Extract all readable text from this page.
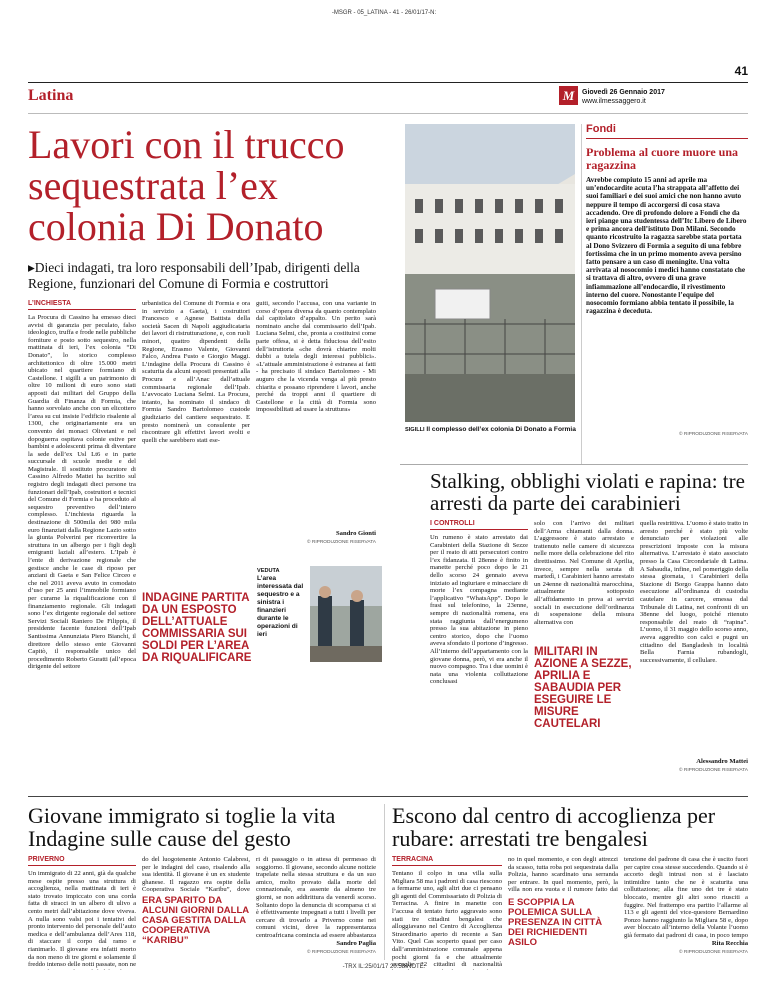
-MSGR - 05_LATINA - 41 - 26/01/17-N:
41
Latina	M	Giovedì 26 Gennaio 2017
www.ilmessaggero.it
Lavori con il trucco sequestrata l’ex colonia Di Donato
▸Dieci indagati, tra loro responsabili dell’Ipab, dirigenti della Regione, funzionari del Comune di Formia e costruttori
L’INCHIESTA
La Procura di Cassino ha emesso dieci avvisi di garanzia per peculato, falso ideologico, truffa e frode nelle pubbliche forniture e posto sotto sequestro, nella mattinata di ieri, l’ex colonia “Di Donato”, lo storico complesso architettonico di oltre 15.000 metri ubicato nel quartiere formiano di Castellone. I sigilli a un patrimonio di oltre 10 milioni di euro sono stati apposti dai militari del Gruppo della Guardia di Finanza di Formia, che hanno sorvolato anche con un elicottero l’area su cui insiste l’edificio risalente al 1300, che originariamente era un convento dei monaci Olivetani e nel dopoguerra ospitava colonie estive per bambini e adolescenti prima di diventare la sede dell’ex Usl Lt6 e in parte succursale di scuole medie e del Magistrale. Il sostituto procuratore di Cassino Alfredo Mattei ha iscritto sul registro degli indagati dieci persone tra funzionari dell’Ipab, costruttori e tecnici del Comune di Formia e ha proceduto al sequestro preventivo dell’intero complesso. L’inchiesta riguarda la destinazione di 500mila dei 980 mila euro finanziati dalla Regione Lazio sotto la giunta Polverini per riconvertire la struttura in un albergo per i figli degli emigranti laziali all’estero. L’Ipab è l’ente di derivazione regionale che gestisce anche le case di riposo per anziani di Gaeta e San Felice Circeo e che nel 2011 aveva avuto in comodato d’uso per 25 anni l’immobile formiano per curarne la riqualificazione con il finanziamento regionale. Gli indagati sono l’ex dirigente regionale del settore Servizi Sociali Raniero De Filippis, il presidente facente funzioni dell’Ipab Santissima Annunziata Piero Bianchi, il direttore dello stesso ente Giovanni Capitò, il responsabile unico del procedimento Roberto Guratti (all’epoca dirigente del settore
urbanistica del Comune di Formia e ora in servizio a Gaeta), i costruttori Francesco e Agnese Battista della società Sacen di Napoli aggiudicataria dei lavori di ristrutturazione, e, con ruoli minori, quattro dipendenti della Regione, Erasmo Valente, Giovanni Falco, Andrea Fusto e Giorgio Maggi. L’indagine della Procura di Cassino è scaturita da alcuni esposti presentati alla Procura e all’Anac dall’attuale commissaria regionale dell’Ipab. L’avvocato Luciana Selmi. La Procura, intanto, ha nominato il sindaco di Formia Sandro Bartolomeo custode giudiziario del cantiere sequestrato. E presto nominerà un consulente per riscontrare gli effettivi lavori svolti e quelli che sarebbero stati ese-
guiti, secondo l’accusa, con una variante in corso d’opera diversa da quanto contemplato dal capitolato d’appalto. Un perito sarà nominato anche dal commissario dell’Ipab. Luciana Selmi, che, pronta a costituirsi come parte offesa, si è detta fiduciosa dell’esito dell’istruttoria «che dovrà chiarire molti dubbi a tutela degli interessi pubblici». «L’attuale amministrazione è estranea ai fatti - ha precisato il sindaco Bartolomeo - Mi auguro che la vicenda venga al più presto chiarita e possano riprendere i lavori, anche perché da troppi anni il quartiere di Castellone e la città di Formia sono impossibilitati ad usare la struttura»
Sandro Gionti
© RIPRODUZIONE RISERVATA
SIGILLI Il complesso dell’ex colonia Di Donato a Formia
INDAGINE PARTITA DA UN ESPOSTO DELL’ATTUALE COMMISSARIA SUI SOLDI PER L’AREA DA RIQUALIFICARE
VEDUTA
L’area interessata dal sequestro e a sinistra i finanzieri durante le operazioni di ieri
Fondi
Problema al cuore muore una ragazzina
Avrebbe compiuto 15 anni ad aprile ma un’endocardite acuta l’ha strappata all’affetto dei suoi familiari e dei suoi amici che non hanno avuto neppure il tempo di accorgersi di cosa stava accadendo. Ore di profondo dolore a Fondi che da ieri piange una studentessa dell’Itc Libero de Libero e prima ancora dell’istituto Don Milani. Secondo quanto ricostruito la ragazza sarebbe stata portata al Dono Svizzero di Formia a seguito di una febbre fortissima che in un primo momento aveva persino fatto pensare a un caso di meningite. Una volta arrivata al nosocomio i medici hanno constatato che si trattava di altro, ovvero di una grave infiammazione all’endocardio, il rivestimento interno del cuore. Nonostante l’equipe del nosocomio formiano abbia tentato il possibile, la ragazzina è deceduta.
© RIPRODUZIONE RISERVATA
Stalking, obblighi violati e rapina: tre arresti da parte dei carabinieri
I CONTROLLI
Un rumeno è stato arrestato dai Carabinieri della Stazione di Sezze per il reato di atti persecutori contro l’ex fidanzata. Il 28enne è finito in manette perché poco dopo le 21 dello scorso 24 gennaio aveva iniziato ad ingiuriare e minacciare di morte l’ex compagna mediante l’applicativo “WhatsApp”. Dopo le frasi sul telefonino, la 23enne, sempre di nazionalità romena, era stata raggiunta dall’energumeno presso la sua abitazione in pieno centro storico, dopo che l’uomo aveva sfondato il portone d’ingresso. All’interno dell’appartamento con la giovane donna, però, vi era anche il nuovo compagno. Tra i due uomini è nata una violenta colluttazione conclusasi
solo con l’arrivo dei militari dell’Arma chiamanti dalla donna. L’aggressore è stato arrestato e trattenuto nelle camere di sicurezza nelle more della celebrazione del rito direttissimo. Nel Comune di Aprilia, invece, sempre nella serata di martedì, i Carabinieri hanno arrestato un 24enne di nazionalità marocchina, attualmente sottoposto all’affidamento in prova ai servizi sociali in esecuzione dell’ordinanza di sospensione della misura alternativa con
MILITARI IN AZIONE A SEZZE, APRILIA E SABAUDIA PER ESEGUIRE LE MISURE CAUTELARI
quella restrittiva. L’uomo è stato tratto in arresto perché è stato più volte denunciato per violazioni alle prescrizioni imposte con la misura alternativa. L’arrestato è stato associato presso la Casa Circondariale di Latina. A Sabaudia, infine, nel pomeriggio della stessa giornata, i Carabinieri della Stazione di Borgo Grappa hanno dato esecuzione all’ordinanza di custodia cautelare in carcere, emessa dal Tribunale di Latina, nei confronti di un 38enne del luogo, poiché ritenuto responsabile del reato di “rapina”. L’uomo, il 31 maggio dello scorso anno, aveva aggredito con calci e pugni un cittadino del Bangladesh in località Bella Farnia rubandogli, successivamente, il cellulare.
Alessandro Mattei
© RIPRODUZIONE RISERVATA
Giovane immigrato si toglie la vita Indagine sulle cause del gesto
PRIVERNO
Un immigrato di 22 anni, già da qualche mese ospite presso una struttura di accoglienza, nella mattinata di ieri è stato trovato impiccato con una corda fatta di stracci in un albero di ulivo a cento metri dall’abitazione dove viveva. A nulla sono valsi poi i tentativi del pronto intervento del personale dell’auto medica e dell’ambulanza dell’Ares 118, di staccare il corpo dal ramo e rianimarlo. Il giovane era infatti morto da non meno di tre giorni e solamente il freddo intenso delle notti passate, non ne
do del luogotenente Antonio Calabresi, per le indagini del caso, risalendo alla sua identità. Il giovane è un ex studente ghanese. Il ragazzo era ospite della Cooperativa Sociale “Karibu”, dove
ERA SPARITO DA ALCUNI GIORNI DALLA CASA GESTITA DALLA COOPERATIVA “KARIBU”
ri di passaggio o in attesa di permesso di soggiorno. Il giovane, secondo alcune notizie trapelate nella stessa struttura e da un suo amico, molto provato dalla morte del connazionale, era assente da almeno tre giorni, se non addirittura da venerdì scorso. Soltanto dopo la denuncia di scomparsa ci si è effettivamente impegnati a tutti i livelli per cercare di trovarlo a Priverno come nei comuni vicini, dove la rappresentanza centroafricana comincia ad essere abbastanza
Sandro Paglia
© RIPRODUZIONE RISERVATA
Escono dal centro di accoglienza per rubare: arrestati tre bengalesi
TERRACINA
Tentano il colpo in una villa sulla Migliara 58 ma i padroni di casa riescono a fermarne uno, agli altri due ci pensano gli agenti del Commissariato di Polizia di Terracina. A finire in manette con l’accusa di tentato furto aggravato sono stati tre cittadini bengalesi che alloggiavano nel Centro di Accoglienza Straordinario aperto di recente a San Vito. Quel Cas scoperto quasi per caso dall’amministrazione comunale appena pochi giorni fa e che attualmente accoglie 22 cittadini di nazionalità
no in quel momento, e con degli attrezzi da scasso, tutta roba poi sequestrata dalla Polizia, hanno scardinato una serranda per entrare. In quel momento, però, la villa non era vuota e il rumore fatto dai
E SCOPPIA LA POLEMICA SULLA PRESENZA IN CITTÀ DEI RICHIEDENTI ASILO
tenzione del padrone di casa che è uscito fuori per capire cosa stesse succedendo. Quando si è accorto degli intrusi non si è lasciato intimidire tanto che ne è scaturita una colluttazione; alla fine uno dei tre è stato bloccato, mentre gli altri sono riusciti a fuggire. Nel frattempo era partito l’allarme al 113 e gli agenti del vice-questore Bernardino Ponzo hanno raggiunto la Migliara 58 e, dopo aver bloccato all’interno della Volante l’uomo già fermato dai padroni di casa, in poco tempo
Rita Recchia
© RIPRODUZIONE RISERVATA
-TRX IL:25/01/17 20:58-NOTE:
